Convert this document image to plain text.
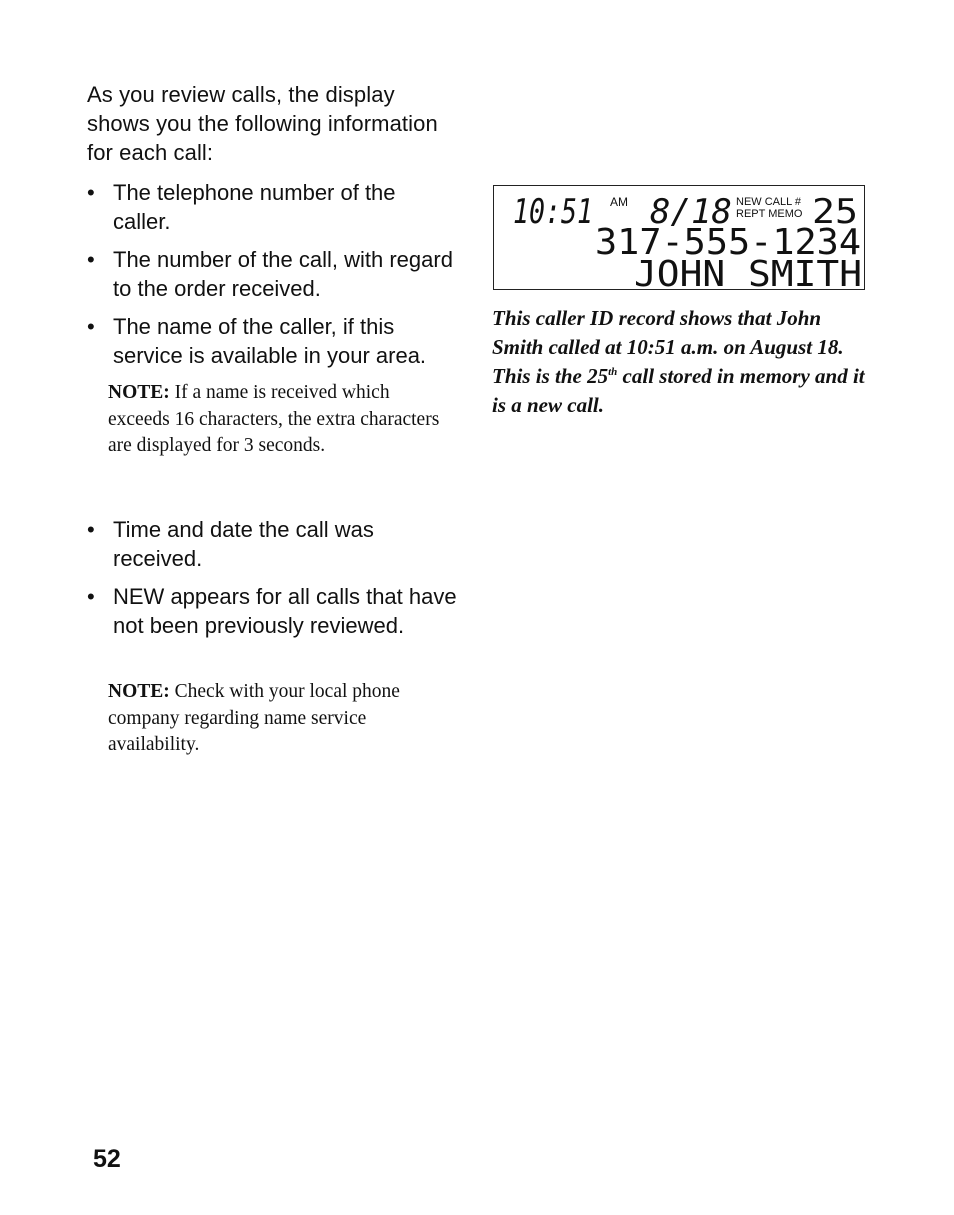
As you review calls, the display shows you the following information for each call:
• The telephone number of the caller.
• The number of the call, with regard to the order received.
• The name of the caller, if this service is available in your area.
NOTE: If a name is received which exceeds 16 characters, the extra characters are displayed for 3 seconds.
• Time and date the call was received.
• NEW appears for all calls that have not been previously reviewed.
NOTE: Check with your local phone company regarding name service availability.
10:51 AM 8/18 NEW CALL #
REPT MEMO 25
317-555-1234
JOHN SMITH
This caller ID record shows that John Smith called at 10:51 a.m. on August 18. This is the 25th call stored in memory and it is a new call.
52
